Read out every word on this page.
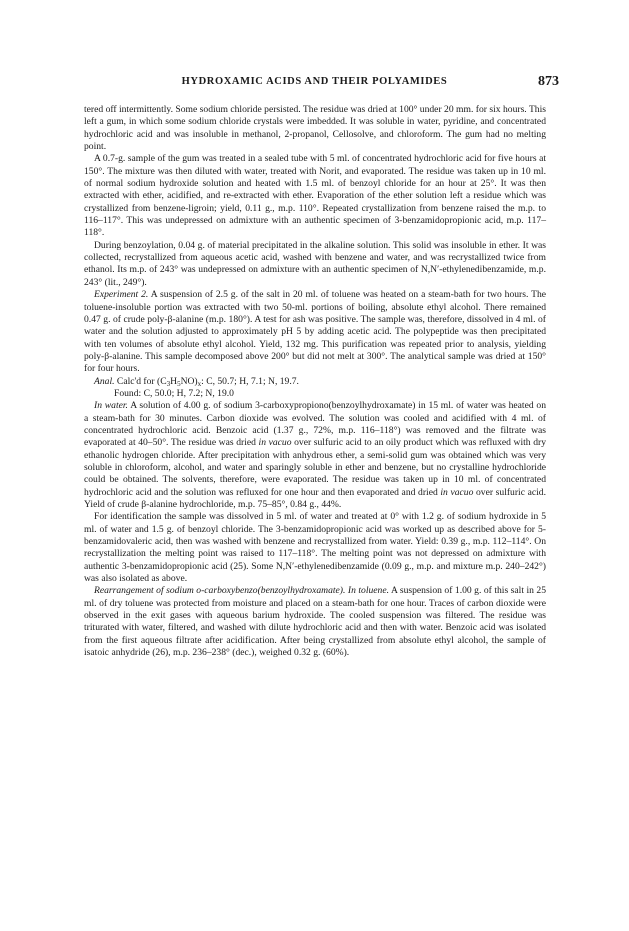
HYDROXAMIC ACIDS AND THEIR POLYAMIDES	873

tered off intermittently. Some sodium chloride persisted. The residue was dried at 100° under 20 mm. for six hours. This left a gum, in which some sodium chloride crystals were imbedded. It was soluble in water, pyridine, and concentrated hydrochloric acid and was insoluble in methanol, 2-propanol, Cellosolve, and chloroform. The gum had no melting point.

A 0.7-g. sample of the gum was treated in a sealed tube with 5 ml. of concentrated hydrochloric acid for five hours at 150°. The mixture was then diluted with water, treated with Norit, and evaporated. The residue was taken up in 10 ml. of normal sodium hydroxide solution and heated with 1.5 ml. of benzoyl chloride for an hour at 25°. It was then extracted with ether, acidified, and re-extracted with ether. Evaporation of the ether solution left a residue which was crystallized from benzene-ligroin; yield, 0.11 g., m.p. 110°. Repeated crystallization from benzene raised the m.p. to 116–117°. This was undepressed on admixture with an authentic specimen of 3-benzamidopropionic acid, m.p. 117–118°.

During benzoylation, 0.04 g. of material precipitated in the alkaline solution. This solid was insoluble in ether. It was collected, recrystallized from aqueous acetic acid, washed with benzene and water, and was recrystallized twice from ethanol. Its m.p. of 243° was undepressed on admixture with an authentic specimen of N,N′-ethylenedibenzamide, m.p. 243° (lit., 249°).

Experiment 2. A suspension of 2.5 g. of the salt in 20 ml. of toluene was heated on a steam-bath for two hours. The toluene-insoluble portion was extracted with two 50-ml. portions of boiling, absolute ethyl alcohol. There remained 0.47 g. of crude poly-β-alanine (m.p. 180°). A test for ash was positive. The sample was, therefore, dissolved in 4 ml. of water and the solution adjusted to approximately pH 5 by adding acetic acid. The polypeptide was then precipitated with ten volumes of absolute ethyl alcohol. Yield, 132 mg. This purification was repeated prior to analysis, yielding poly-β-alanine. This sample decomposed above 200° but did not melt at 300°. The analytical sample was dried at 150° for four hours.

Anal. Calc'd for $(C_3H_5NO)_x$: C, 50.7; H, 7.1; N, 19.7.

Found: C, 50.0; H, 7.2; N, 19.0

In water. A solution of 4.00 g. of sodium 3-carboxypropiono(benzoylhydroxamate) in 15 ml. of water was heated on a steam-bath for 30 minutes. Carbon dioxide was evolved. The solution was cooled and acidified with 4 ml. of concentrated hydrochloric acid. Benzoic acid (1.37 g., 72%, m.p. 116–118°) was removed and the filtrate was evaporated at 40–50°. The residue was dried in vacuo over sulfuric acid to an oily product which was refluxed with dry ethanolic hydrogen chloride. After precipitation with anhydrous ether, a semi-solid gum was obtained which was very soluble in chloroform, alcohol, and water and sparingly soluble in ether and benzene, but no crystalline hydrochloride could be obtained. The solvents, therefore, were evaporated. The residue was taken up in 10 ml. of concentrated hydrochloric acid and the solution was refluxed for one hour and then evaporated and dried in vacuo over sulfuric acid. Yield of crude β-alanine hydrochloride, m.p. 75–85°, 0.84 g., 44%.

For identification the sample was dissolved in 5 ml. of water and treated at 0° with 1.2 g. of sodium hydroxide in 5 ml. of water and 1.5 g. of benzoyl chloride. The 3-benzamidopropionic acid was worked up as described above for 5-benzamidovaleric acid, then was washed with benzene and recrystallized from water. Yield: 0.39 g., m.p. 112–114°. On recrystallization the melting point was raised to 117–118°. The melting point was not depressed on admixture with authentic 3-benzamidopropionic acid (25). Some N,N′-ethylenedibenzamide (0.09 g., m.p. and mixture m.p. 240–242°) was also isolated as above.

Rearrangement of sodium o-carboxybenzo(benzoylhydroxamate). In toluene. A suspension of 1.00 g. of this salt in 25 ml. of dry toluene was protected from moisture and placed on a steam-bath for one hour. Traces of carbon dioxide were observed in the exit gases with aqueous barium hydroxide. The cooled suspension was filtered. The residue was triturated with water, filtered, and washed with dilute hydrochloric acid and then with water. Benzoic acid was isolated from the first aqueous filtrate after acidification. After being crystallized from absolute ethyl alcohol, the sample of isatoic anhydride (26), m.p. 236–238° (dec.), weighed 0.32 g. (60%).
